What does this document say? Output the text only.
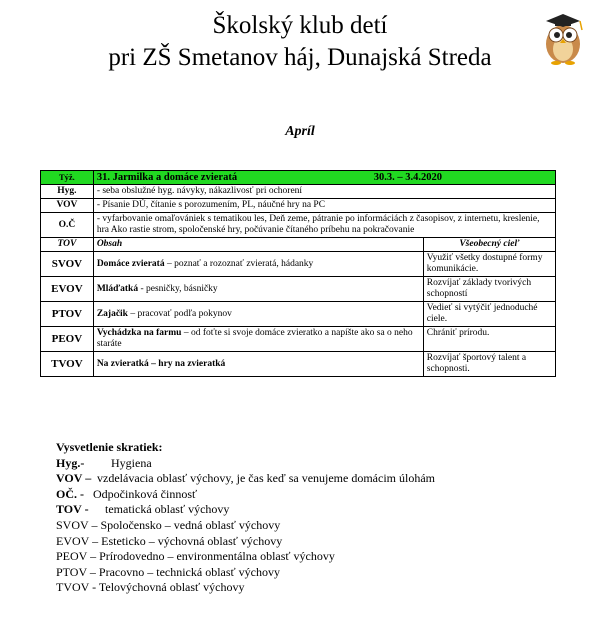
Školský klub detí
pri ZŠ Smetanov háj, Dunajská Streda
Apríl
Týž.	31. Jarmilka a domáce zvieratá 30.3. – 3.4.2020	

Hyg.	- seba obslužné hyg. návyky, nákazlivosť pri ochorení	
VOV	- Písanie DÚ, čítanie s porozumením, PL, náučné hry na PC	
O.Č	- vyfarbovanie omaľovániek s tematikou les, Deň zeme, pátranie po informáciách z časopisov, z internetu, kreslenie, hra Ako rastie strom, spoločenské hry, počúvanie čítaného príbehu na pokračovanie	
TOV	Obsah	Všeobecný cieľ
SVOV	Domáce zvieratá – poznať a rozoznať zvieratá, hádanky	Využiť všetky dostupné formy komunikácie.
EVOV	Mláďatká - pesničky, básničky	Rozvíjať základy tvorivých schopností
PTOV	Zajačik – pracovať podľa pokynov	Vedieť si vytýčiť jednoduché ciele.
PEOV	Vychádzka na farmu – od foťte si svoje domáce zvieratko a napíšte ako sa o neho staráte	Chrániť prírodu.
TVOV	Na zvieratká – hry na zvieratká	Rozvíjať športový talent a schopnosti.
Vysvetlenie skratiek:
Hyg.- Hygiena
VOV – vzdelávacia oblasť výchovy, je čas keď sa venujeme domácim úlohám
OČ. - Odpočinková činnosť
TOV - tematická oblasť výchovy
SVOV – Spoločensko – vedná oblasť výchovy
EVOV – Esteticko – výchovná oblasť výchovy
PEOV – Prírodovedno – environmentálna oblasť výchovy
PTOV – Pracovno – technická oblasť výchovy
TVOV - Telovýchovná oblasť výchovy
